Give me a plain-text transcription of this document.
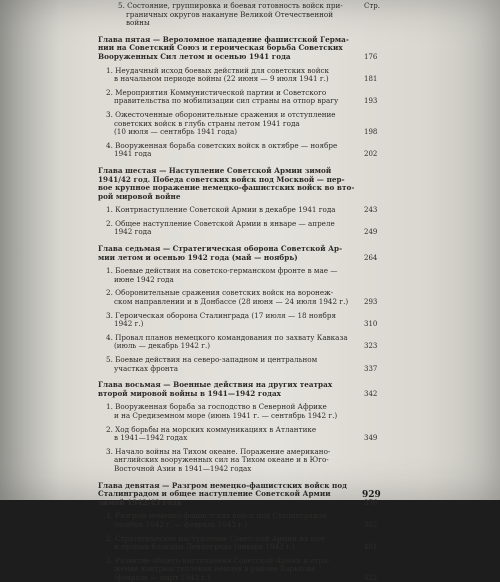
5. Состояние, группировка и боевая готовность войск при-	Стр.
граничных округов накануне Великой Отечественной
войны
Глава пятая — Вероломное нападение фашистской Герма-
нии на Советский Союз и героическая борьба Советских
Вооруженных Сил летом и осенью 1941 года	176
1. Неудачный исход боевых действий для советских войск
в начальном периоде войны (22 июня — 9 июля 1941 г.)	181
2. Мероприятия Коммунистической партии и Советского
правительства по мобилизации сил страны на отпор врагу	193
3. Ожесточенные оборонительные сражения и отступление
советских войск в глубь страны летом 1941 года
(10 июля — сентябрь 1941 года)	198
4. Вооруженная борьба советских войск в октябре — ноябре
1941 года	202
Глава шестая — Наступление Советской Армии зимой
1941/42 год. Победа советских войск под Москвой — пер-
вое крупное поражение немецко-фашистских войск во вто-
рой мировой войне
1. Контрнаступление Советской Армии в декабре 1941 года	243
2. Общее наступление Советской Армии в январе — апреле
1942 года	249
Глава седьмая — Стратегическая оборона Советской Ар-
мии летом и осенью 1942 года (май — ноябрь)	264
1. Боевые действия на советско-германском фронте в мае —
июне 1942 года
2. Оборонительные сражения советских войск на воронеж-
ском направлении и в Донбассе (28 июня — 24 июля 1942 г.) 293
3. Героическая оборона Сталинграда (17 июля — 18 ноября
1942 г.)	310
4. Провал планов немецкого командования по захвату Кавказа
(июль — декабрь 1942 г.)	323
5. Боевые действия на северо-западном и центральном
участках фронта	337
Глава восьмая — Военные действия на других театрах
второй мировой войны в 1941—1942 годах	342
1. Вооруженная борьба за господство в Северной Африке
и на Средиземном море (июнь 1941 г. — сентябрь 1942 г.)
2. Ход борьбы на морских коммуникациях в Атлантике
в 1941—1942 годах	349
3. Начало войны на Тихом океане. Поражение американо-
английских вооруженных сил на Тихом океане и в Юго-
Восточной Азии в 1941—1942 годах
Глава девятая — Разгром немецко-фашистских войск под
Сталинградом и общее наступление Советской Армии
зимой 1942/43 года	376
1. Разгром немецко-фашистских войск под Сталинградом
(ноябрь 1942 г. — февраль 1943 г.)	382
2. Стратегическое наступление Советской Армии на юге
и прорыв блокады Ленинграда (январь 1943 г.)	401
3. Развитие общего наступления Советской Армии и отра-
жение контрнаступления немцев в районе Харькова
(февраль — март 1943 г.)	422
929
